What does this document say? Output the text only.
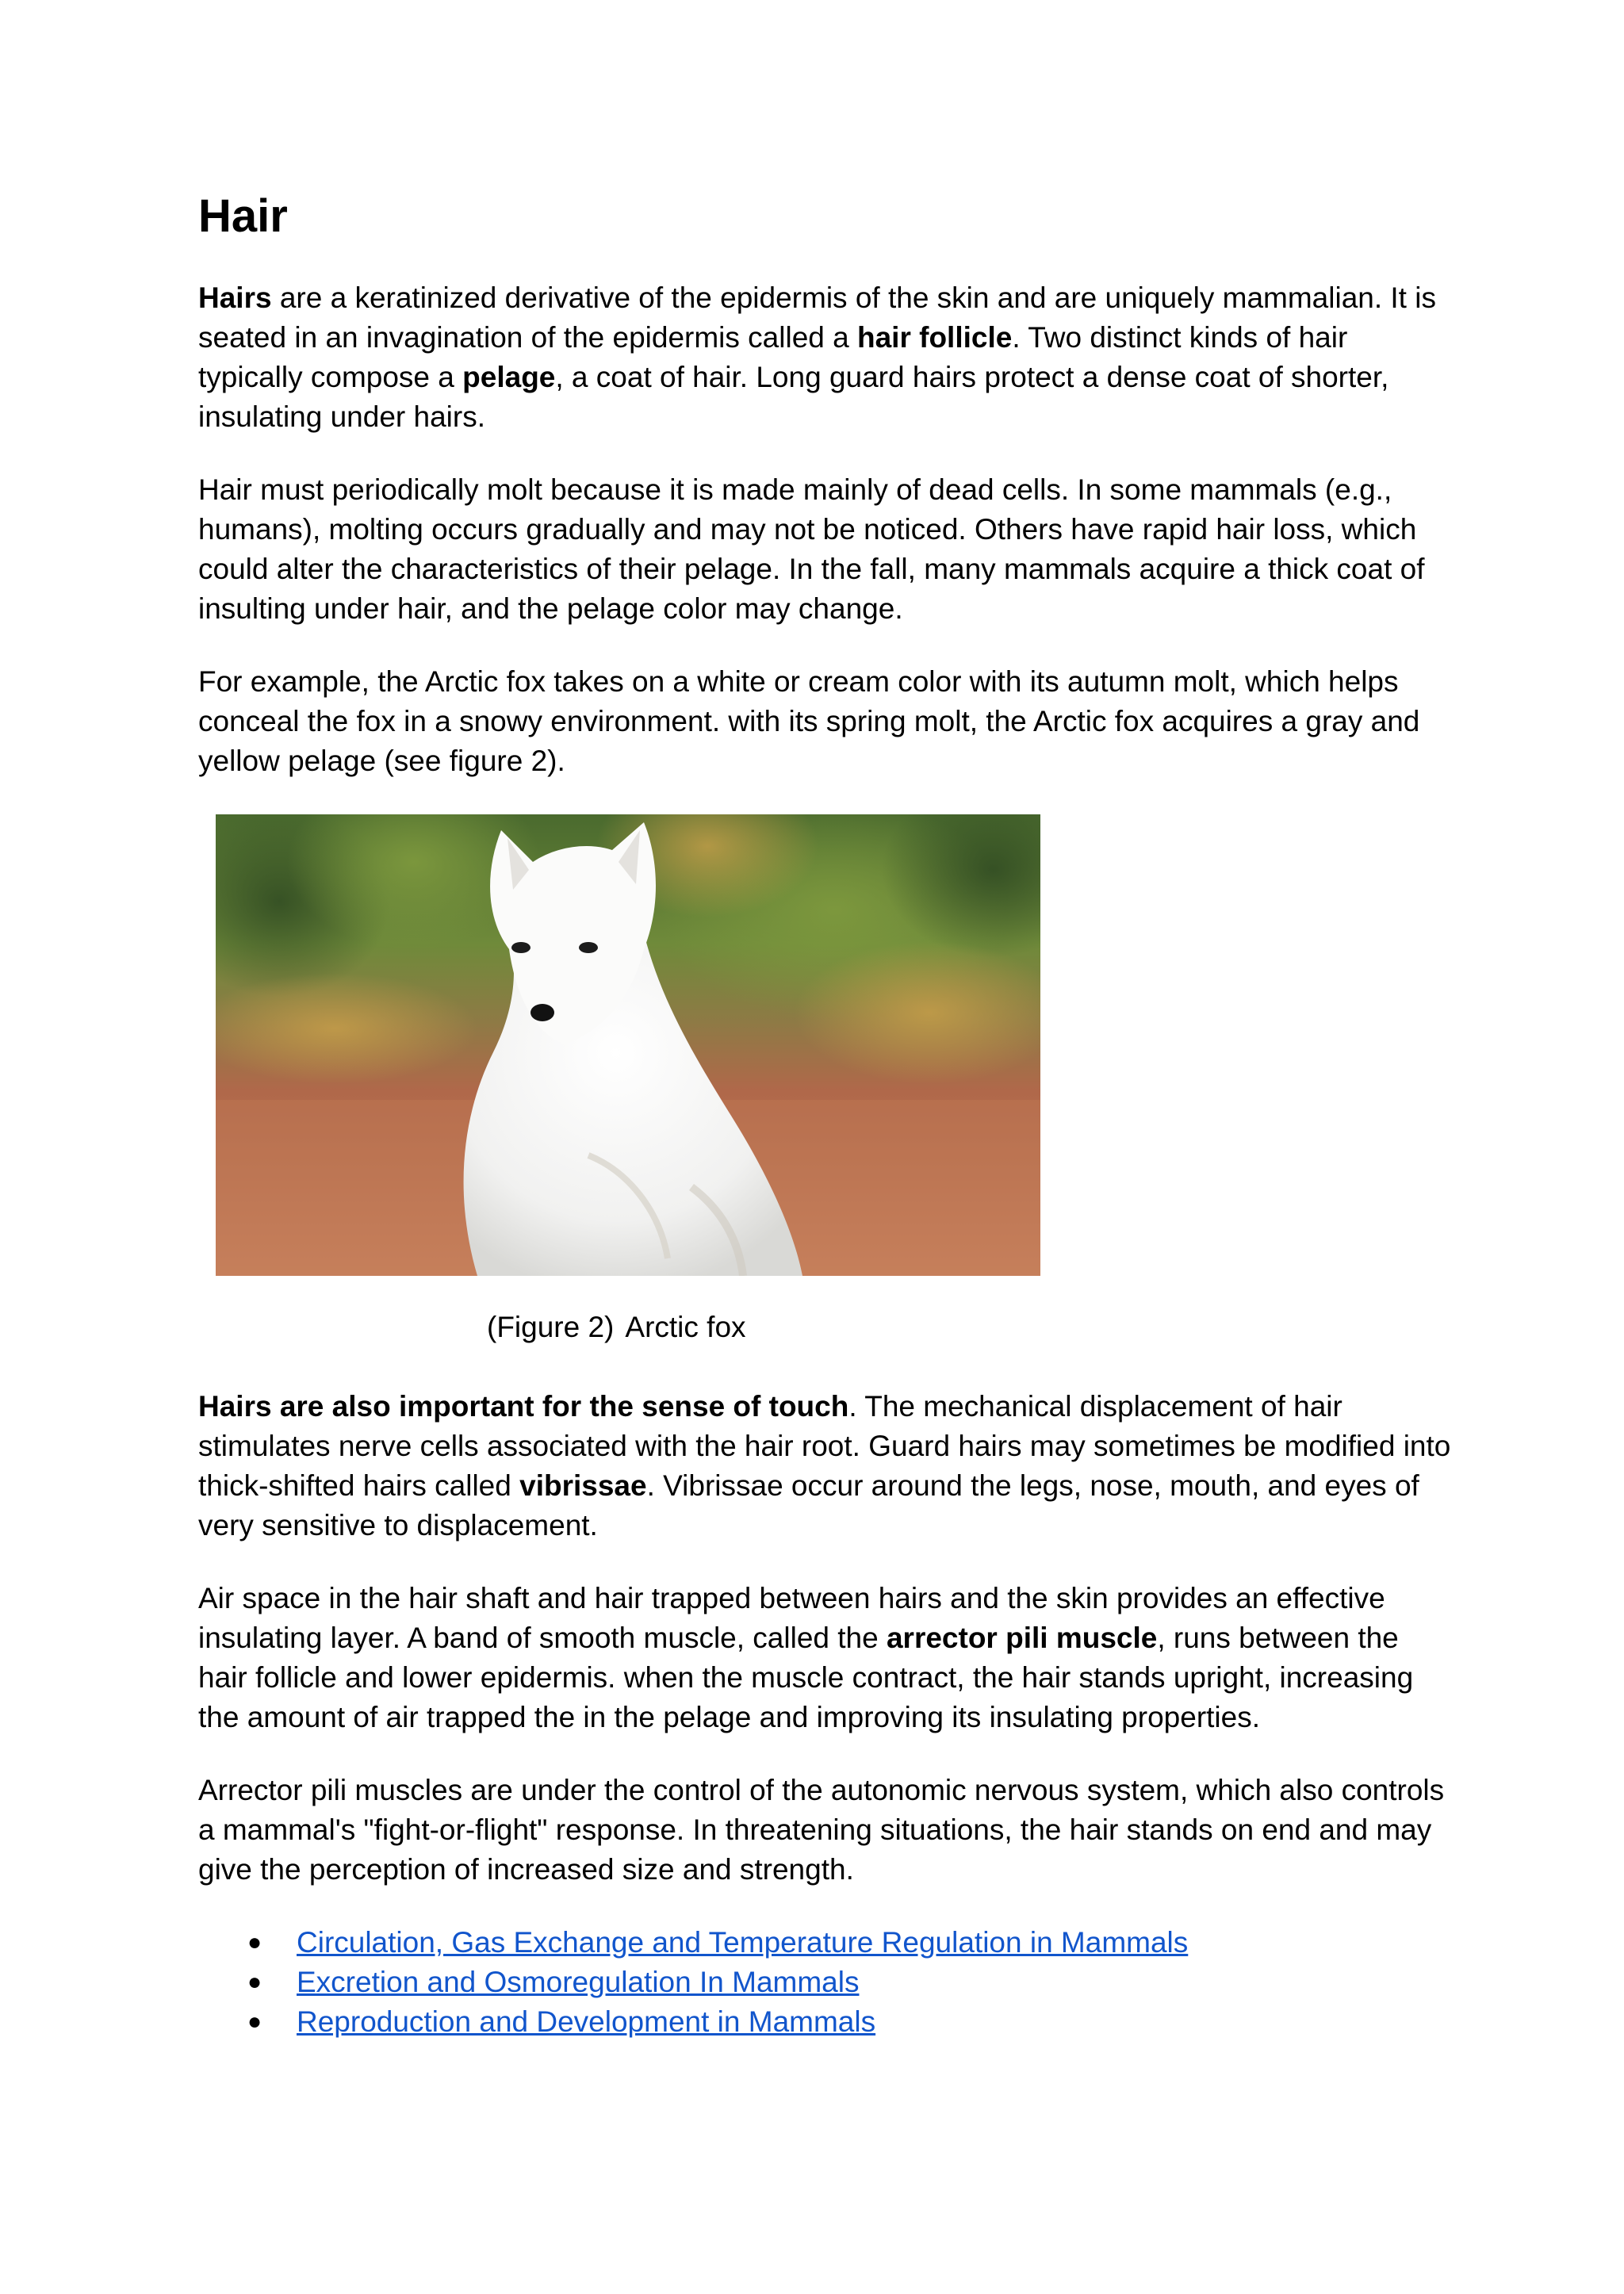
Hair

Hairs are a keratinized derivative of the epidermis of the skin and are uniquely mammalian. It is seated in an invagination of the epidermis called a hair follicle. Two distinct kinds of hair typically compose a pelage, a coat of hair. Long guard hairs protect a dense coat of shorter, insulating under hairs.

Hair must periodically molt because it is made mainly of dead cells. In some mammals (e.g., humans), molting occurs gradually and may not be noticed. Others have rapid hair loss, which could alter the characteristics of their pelage. In the fall, many mammals acquire a thick coat of insulting under hair, and the pelage color may change.

For example, the Arctic fox takes on a white or cream color with its autumn molt, which helps conceal the fox in a snowy environment. with its spring molt, the Arctic fox acquires a gray and yellow pelage (see figure 2).

(Figure 2) Arctic fox

Hairs are also important for the sense of touch. The mechanical displacement of hair stimulates nerve cells associated with the hair root. Guard hairs may sometimes be modified into thick-shifted hairs called vibrissae. Vibrissae occur around the legs, nose, mouth, and eyes of very sensitive to displacement.

Air space in the hair shaft and hair trapped between hairs and the skin provides an effective insulating layer. A band of smooth muscle, called the arrector pili muscle, runs between the hair follicle and lower epidermis. when the muscle contract, the hair stands upright, increasing the amount of air trapped the in the pelage and improving its insulating properties.

Arrector pili muscles are under the control of the autonomic nervous system, which also controls a mammal's "fight-or-flight" response. In threatening situations, the hair stands on end and may give the perception of increased size and strength.

● Circulation, Gas Exchange and Temperature Regulation in Mammals
● Excretion and Osmoregulation In Mammals
● Reproduction and Development in Mammals
